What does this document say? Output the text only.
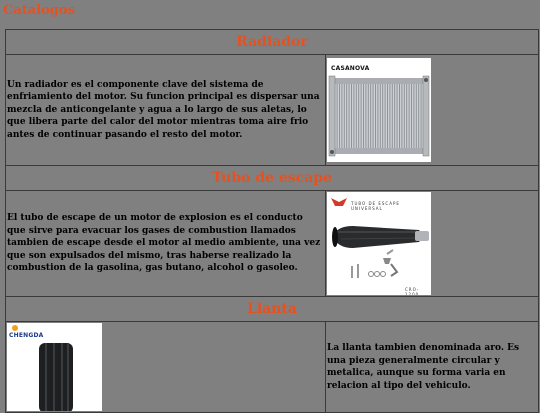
Catalogos
Radiador	
Un radiador es el componente clave del sistema de enfriamiento del motor. Su funcion principal es dispersar una mezcla de anticongelante y agua a lo largo de sus aletas, lo que libera parte del calor del motor mientras toma aire frio antes de continuar pasando el resto del motor.	CASANOVA

Tubo de escape	
El tubo de escape de un motor de explosion es el conducto que sirve para evacuar los gases de combustion llamados tambien de escape desde el motor al medio ambiente, una vez que son expulsados del mismo, tras haberse realizado la combustion de la gasolina, gas butano, alcohol o gasoleo.	TUBO DE ESCAPE UNIVERSAL
CRO- 1200

Llanta	

CHENGDA	La llanta tambien denominada aro. Es una pieza generalmente circular y metalica, aunque su forma varia en relacion al tipo del vehiculo.
